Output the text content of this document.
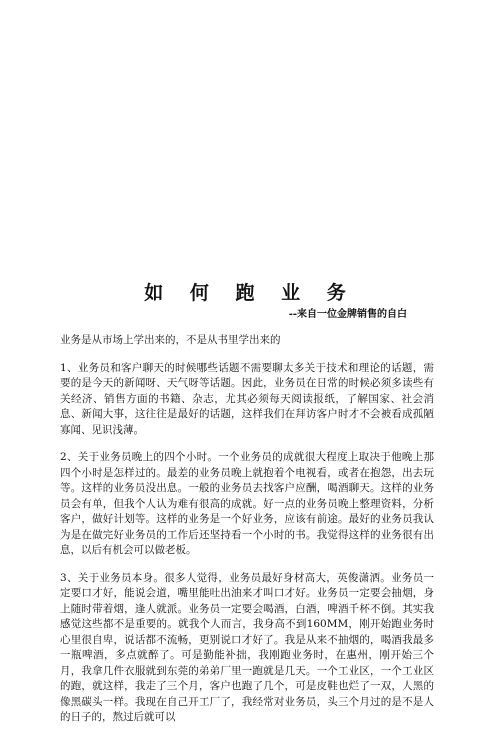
如 何 跑 业 务
--来自一位金牌销售的自白

业务是从市场上学出来的，不是从书里学出来的

1、业务员和客户聊天的时候哪些话题不需要聊太多关于技术和理论的话题，需要的是今天的新闻呀、天气呀等话题。因此，业务员在日常的时候必须多读些有关经济、销售方面的书籍、杂志，尤其必须每天阅读报纸，了解国家、社会消息、新闻大事，这往往是最好的话题，这样我们在拜访客户时才不会被看成孤陋寡闻、见识浅薄。

2、关于业务员晚上的四个小时。一个业务员的成就很大程度上取决于他晚上那四个小时是怎样过的。最差的业务员晚上就抱着个电视看，或者在抱怨，出去玩等。这样的业务员没出息。一般的业务员去找客户应酬，喝酒聊天。这样的业务员会有单，但我个人认为难有很高的成就。好一点的业务员晚上整理资料，分析客户，做好计划等。这样的业务是一个好业务，应该有前途。最好的业务员我认为是在做完好业务员的工作后还坚持看一个小时的书。我觉得这样的业务很有出息，以后有机会可以做老板。

3、关于业务员本身。很多人觉得，业务员最好身材高大，英俊潇洒。业务员一定要口才好，能说会道，嘴里能吐出油来才叫口才好。业务员一定要会抽烟，身上随时带着烟，逢人就派。业务员一定要会喝酒，白酒，啤酒千杯不倒。其实我感觉这些都不是重要的。就我个人而言，我身高不到160MM，刚开始跑业务时心里很自卑，说话都不流畅，更别说口才好了。我是从来不抽烟的，喝酒我最多一瓶啤酒，多点就醉了。可是勤能补拙，我刚跑业务时，在惠州，刚开始三个月，我拿几件衣服就到东莞的弟弟厂里一跑就是几天。一个工业区，一个工业区的跑，就这样，我走了三个月，客户也跑了几个，可是皮鞋也烂了一双，人黑的像黑碳头一样。我现在自己开工厂了，我经常对业务员，头三个月过的是不是人的日子的，熬过后就可以
